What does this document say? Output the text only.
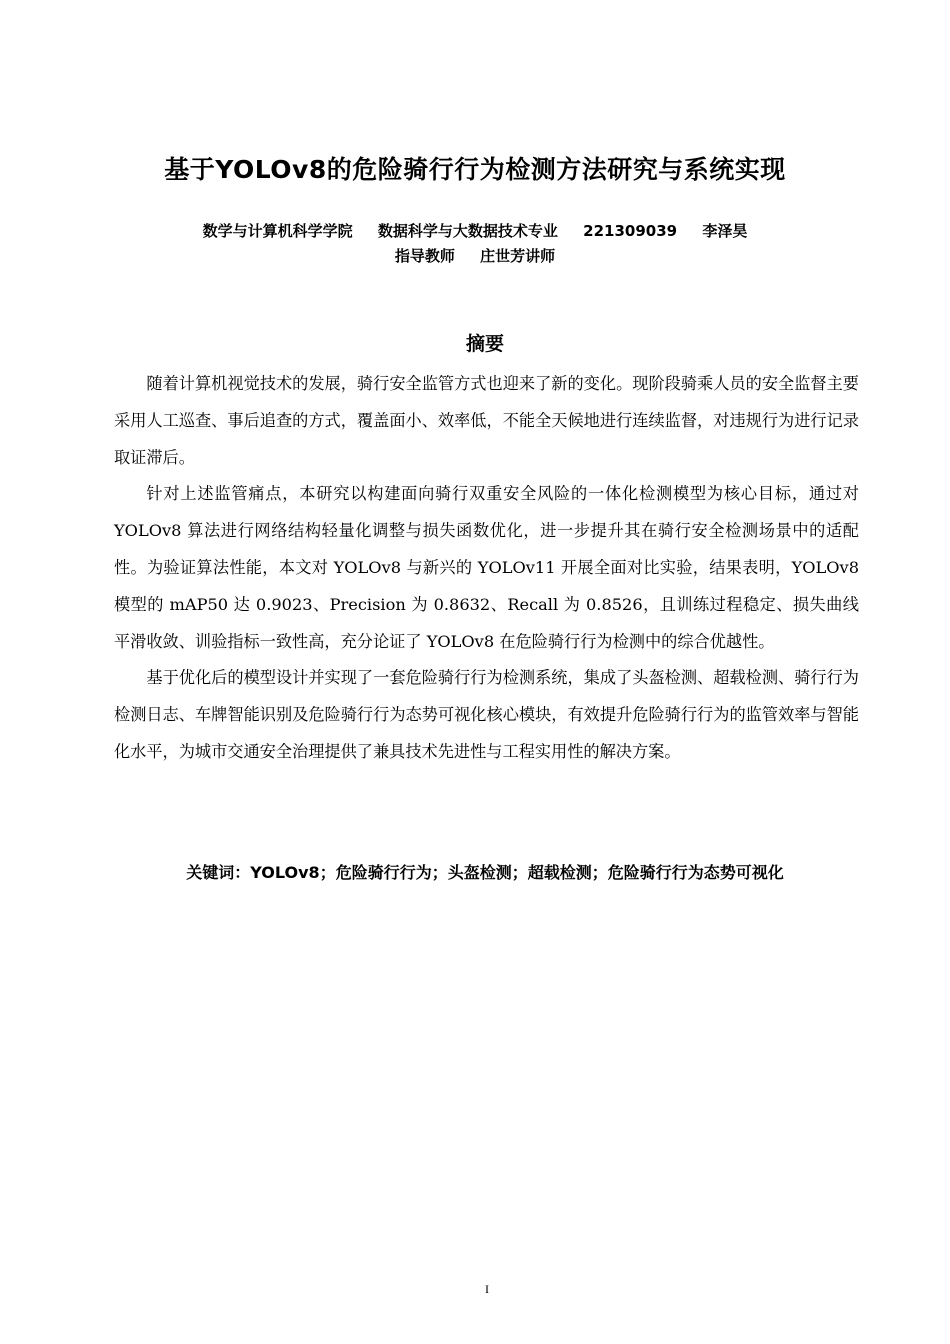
基于YOLOv8的危险骑行行为检测方法研究与系统实现
数学与计算机科学学院 数据科学与大数据技术专业 221309039 李泽昊
指导教师 庄世芳讲师
摘要

随着计算机视觉技术的发展，骑行安全监管方式也迎来了新的变化。现阶段骑乘人员的安全监督主要采用人工巡查、事后追查的方式，覆盖面小、效率低，不能全天候地进行连续监督，对违规行为进行记录取证滞后。

针对上述监管痛点，本研究以构建面向骑行双重安全风险的一体化检测模型为核心目标，通过对 YOLOv8 算法进行网络结构轻量化调整与损失函数优化，进一步提升其在骑行安全检测场景中的适配性。为验证算法性能，本文对 YOLOv8 与新兴的 YOLOv11 开展全面对比实验，结果表明，YOLOv8 模型的 mAP50 达 0.9023、Precision 为 0.8632、Recall 为 0.8526，且训练过程稳定、损失曲线平滑收敛、训验指标一致性高，充分论证了 YOLOv8 在危险骑行行为检测中的综合优越性。

基于优化后的模型设计并实现了一套危险骑行行为检测系统，集成了头盔检测、超载检测、骑行行为检测日志、车牌智能识别及危险骑行行为态势可视化核心模块，有效提升危险骑行行为的监管效率与智能化水平，为城市交通安全治理提供了兼具技术先进性与工程实用性的解决方案。

关键词：YOLOv8；危险骑行行为；头盔检测；超载检测；危险骑行行为态势可视化
I
